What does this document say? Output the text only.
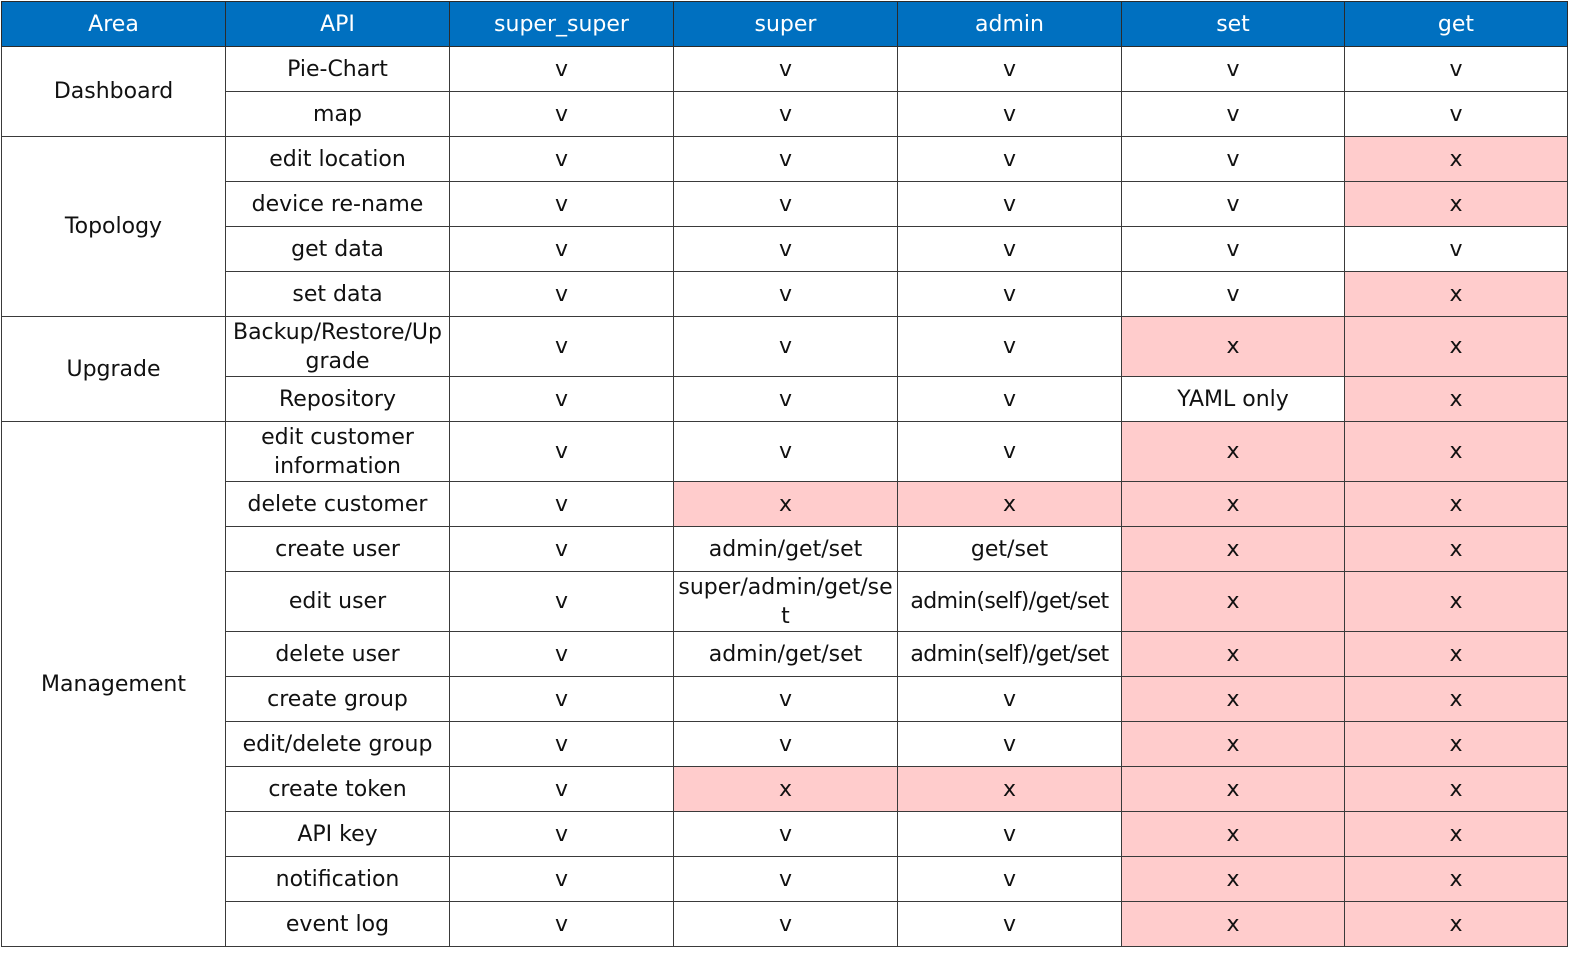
Area	API	super_super	super	admin	set	get
Dashboard	Pie-Chart	v	v	v	v	v
	map	v	v	v	v	v
Topology	edit location	v	v	v	v	x
	device re-name	v	v	v	v	x
	get data	v	v	v	v	v
	set data	v	v	v	v	x
Upgrade	Backup/Restore/Upgrade	v	v	v	x	x
	Repository	v	v	v	YAML only	x
Management	edit customer information	v	v	v	x	x
	delete customer	v	x	x	x	x
	create user	v	admin/get/set	get/set	x	x
	edit user	v	super/admin/get/set	admin(self)/get/set	x	x
	delete user	v	admin/get/set	admin(self)/get/set	x	x
	create group	v	v	v	x	x
	edit/delete group	v	v	v	x	x
	create token	v	x	x	x	x
	API key	v	v	v	x	x
	notification	v	v	v	x	x
	event log	v	v	v	x	x
